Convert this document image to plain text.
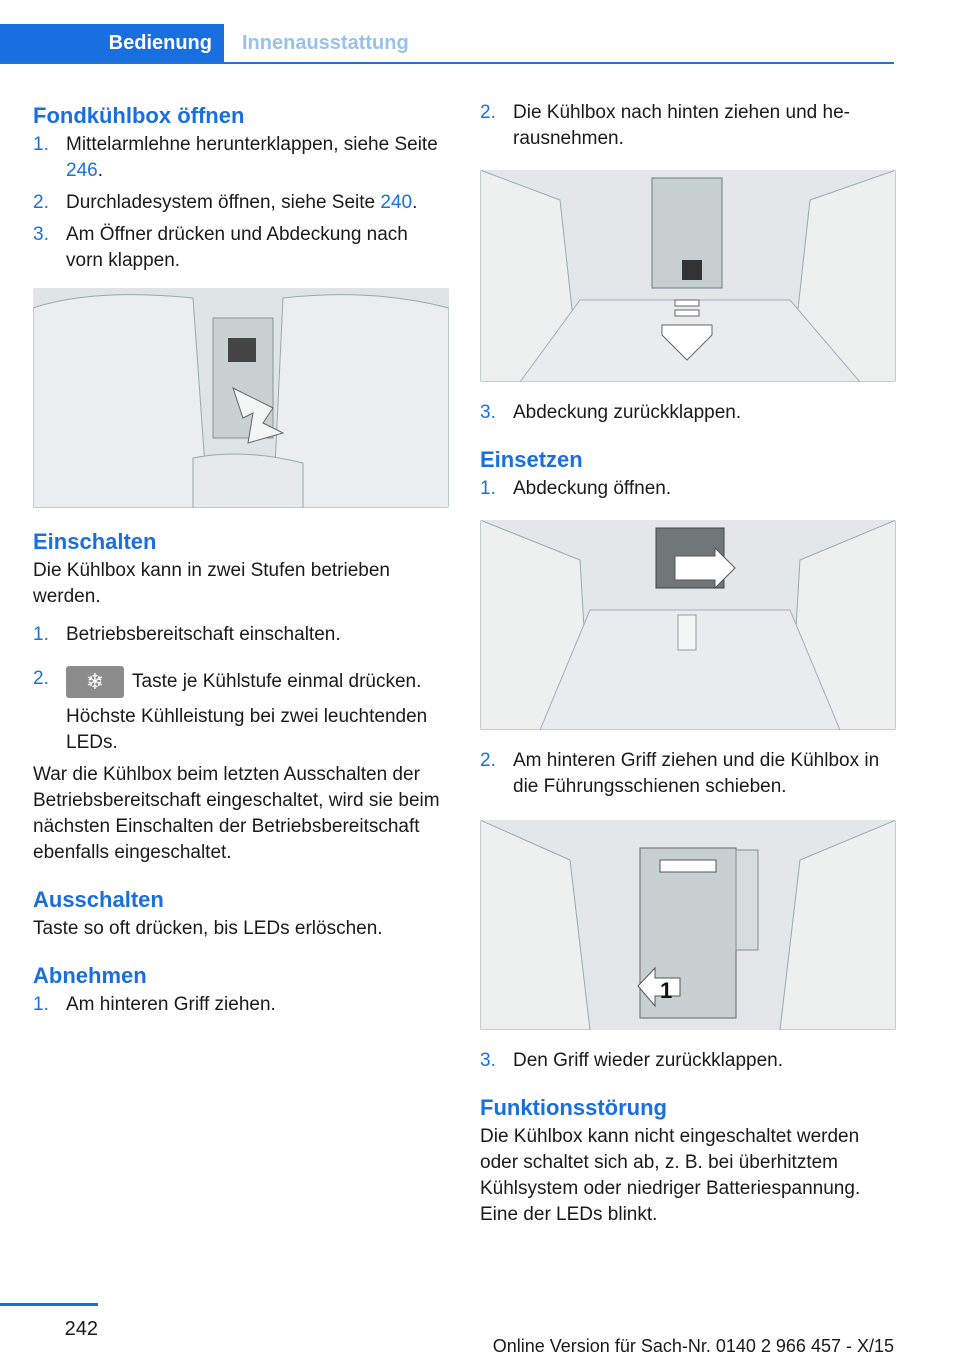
Bedienung	Innenausstattung
Fondkühlbox öffnen
1. Mittelarmlehne herunterklappen, siehe Seite 246.
2. Durchladesystem öffnen, siehe Seite 240.
3. Am Öffner drücken und Abdeckung nach vorn klappen.
Einschalten

Die Kühlbox kann in zwei Stufen betrieben werden.

1. Betriebsbereitschaft einschalten.
2. ❄ Taste je Kühlstufe einmal drücken.
Höchste Kühlleistung bei zwei leuchtenden LEDs.

War die Kühlbox beim letzten Ausschalten der Betriebsbereitschaft eingeschaltet, wird sie beim nächsten Einschalten der Betriebsbereitschaft ebenfalls eingeschaltet.

Ausschalten

Taste so oft drücken, bis LEDs erlöschen.

Abnehmen
1. Am hinteren Griff ziehen.
2. Die Kühlbox nach hinten ziehen und herausnehmen.
3. Abdeckung zurückklappen.
Einsetzen
1. Abdeckung öffnen.
2. Am hinteren Griff ziehen und die Kühlbox in die Führungsschienen schieben.
1
3. Den Griff wieder zurückklappen.
Funktionsstörung

Die Kühlbox kann nicht eingeschaltet werden oder schaltet sich ab, z. B. bei überhitztem Kühlsystem oder niedriger Batteriespannung. Eine der LEDs blinkt.

242
Online Version für Sach-Nr. 0140 2 966 457 - X/15
